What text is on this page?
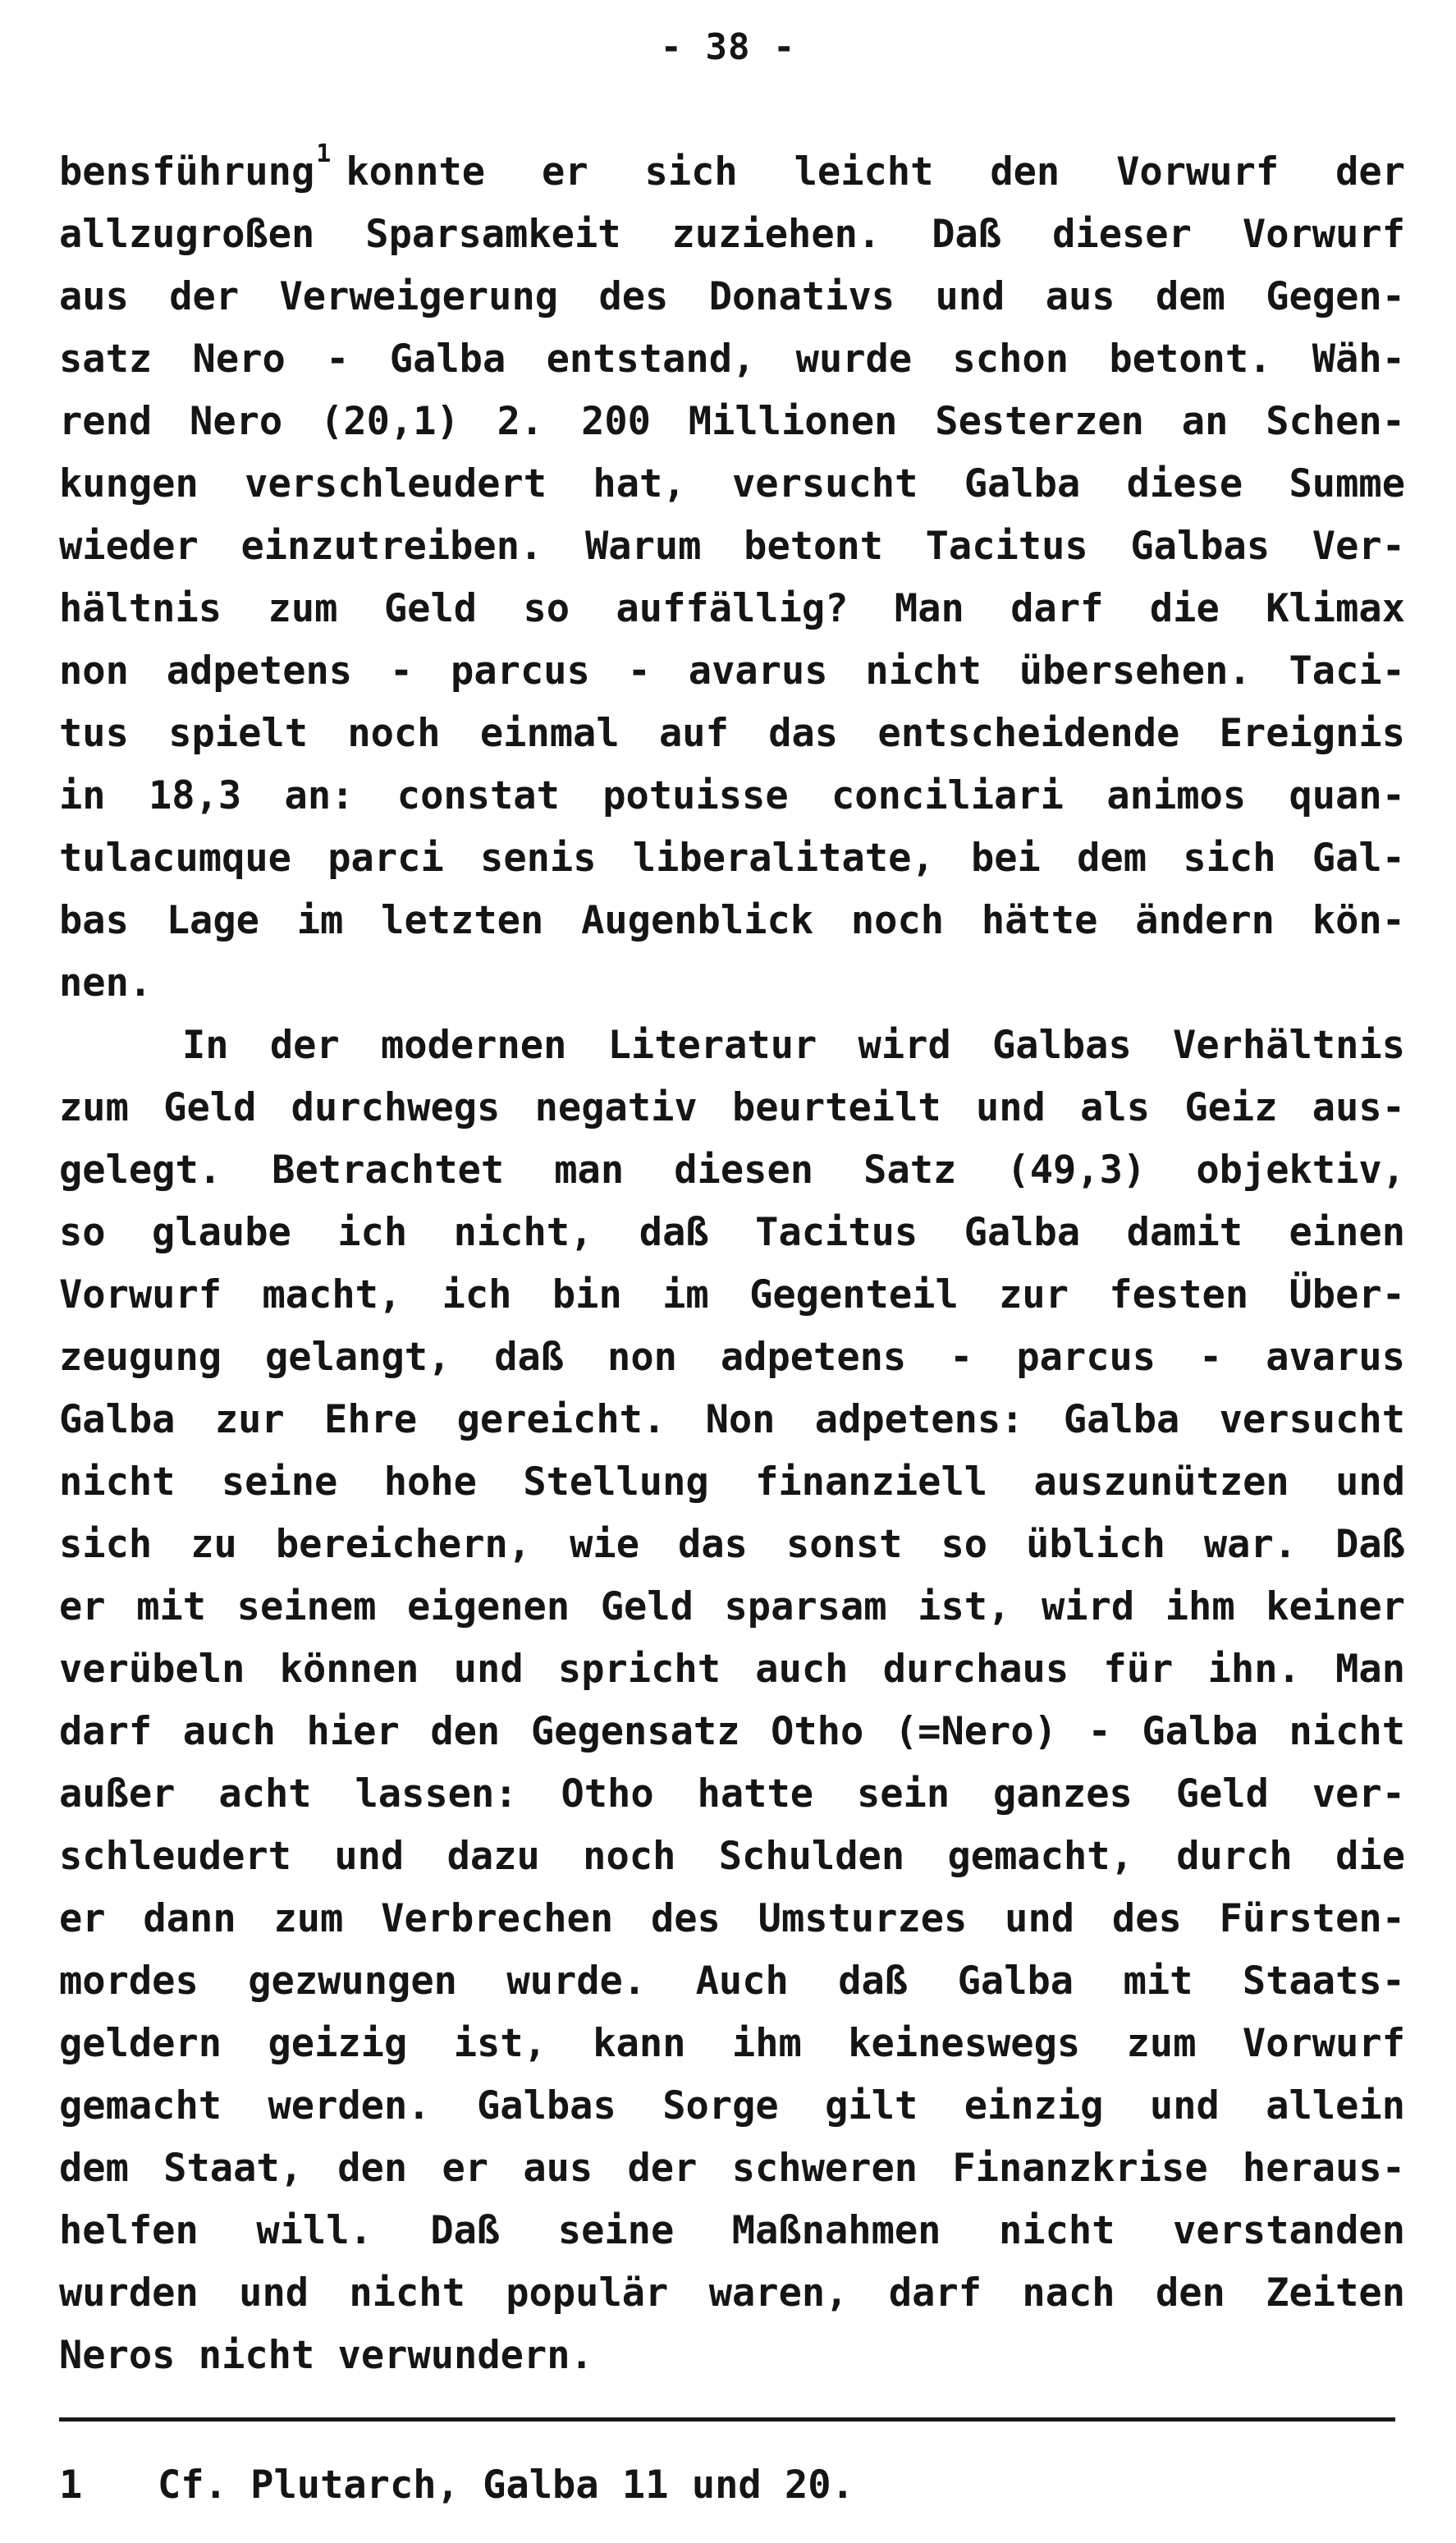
- 38 -
bensführung$^1$ konnte er sich leicht den Vorwurf der
allzugroßen Sparsamkeit zuziehen. Daß dieser Vorwurf
aus der Verweigerung des Donativs und aus dem Gegen-
satz Nero - Galba entstand, wurde schon betont. Wäh-
rend Nero (20,1) 2. 200 Millionen Sesterzen an Schen-
kungen verschleudert hat, versucht Galba diese Summe
wieder einzutreiben. Warum betont Tacitus Galbas Ver-
hältnis zum Geld so auffällig? Man darf die Klimax
non adpetens - parcus - avarus nicht übersehen. Taci-
tus spielt noch einmal auf das entscheidende Ereignis
in 18,3 an: constat potuisse conciliari animos quan-
tulacumque parci senis liberalitate, bei dem sich Gal-
bas Lage im letzten Augenblick noch hätte ändern kön-
nen.
In der modernen Literatur wird Galbas Verhältnis
zum Geld durchwegs negativ beurteilt und als Geiz aus-
gelegt. Betrachtet man diesen Satz (49,3) objektiv,
so glaube ich nicht, daß Tacitus Galba damit einen
Vorwurf macht, ich bin im Gegenteil zur festen Über-
zeugung gelangt, daß non adpetens - parcus - avarus
Galba zur Ehre gereicht. Non adpetens: Galba versucht
nicht seine hohe Stellung finanziell auszunützen und
sich zu bereichern, wie das sonst so üblich war. Daß
er mit seinem eigenen Geld sparsam ist, wird ihm keiner
verübeln können und spricht auch durchaus für ihn. Man
darf auch hier den Gegensatz Otho (=Nero) - Galba nicht
außer acht lassen: Otho hatte sein ganzes Geld ver-
schleudert und dazu noch Schulden gemacht, durch die
er dann zum Verbrechen des Umsturzes und des Fürsten-
mordes gezwungen wurde. Auch daß Galba mit Staats-
geldern geizig ist, kann ihm keineswegs zum Vorwurf
gemacht werden. Galbas Sorge gilt einzig und allein
dem Staat, den er aus der schweren Finanzkrise heraus-
helfen will. Daß seine Maßnahmen nicht verstanden
wurden und nicht populär waren, darf nach den Zeiten
Neros nicht verwundern.
1 Cf. Plutarch, Galba 11 und 20.
